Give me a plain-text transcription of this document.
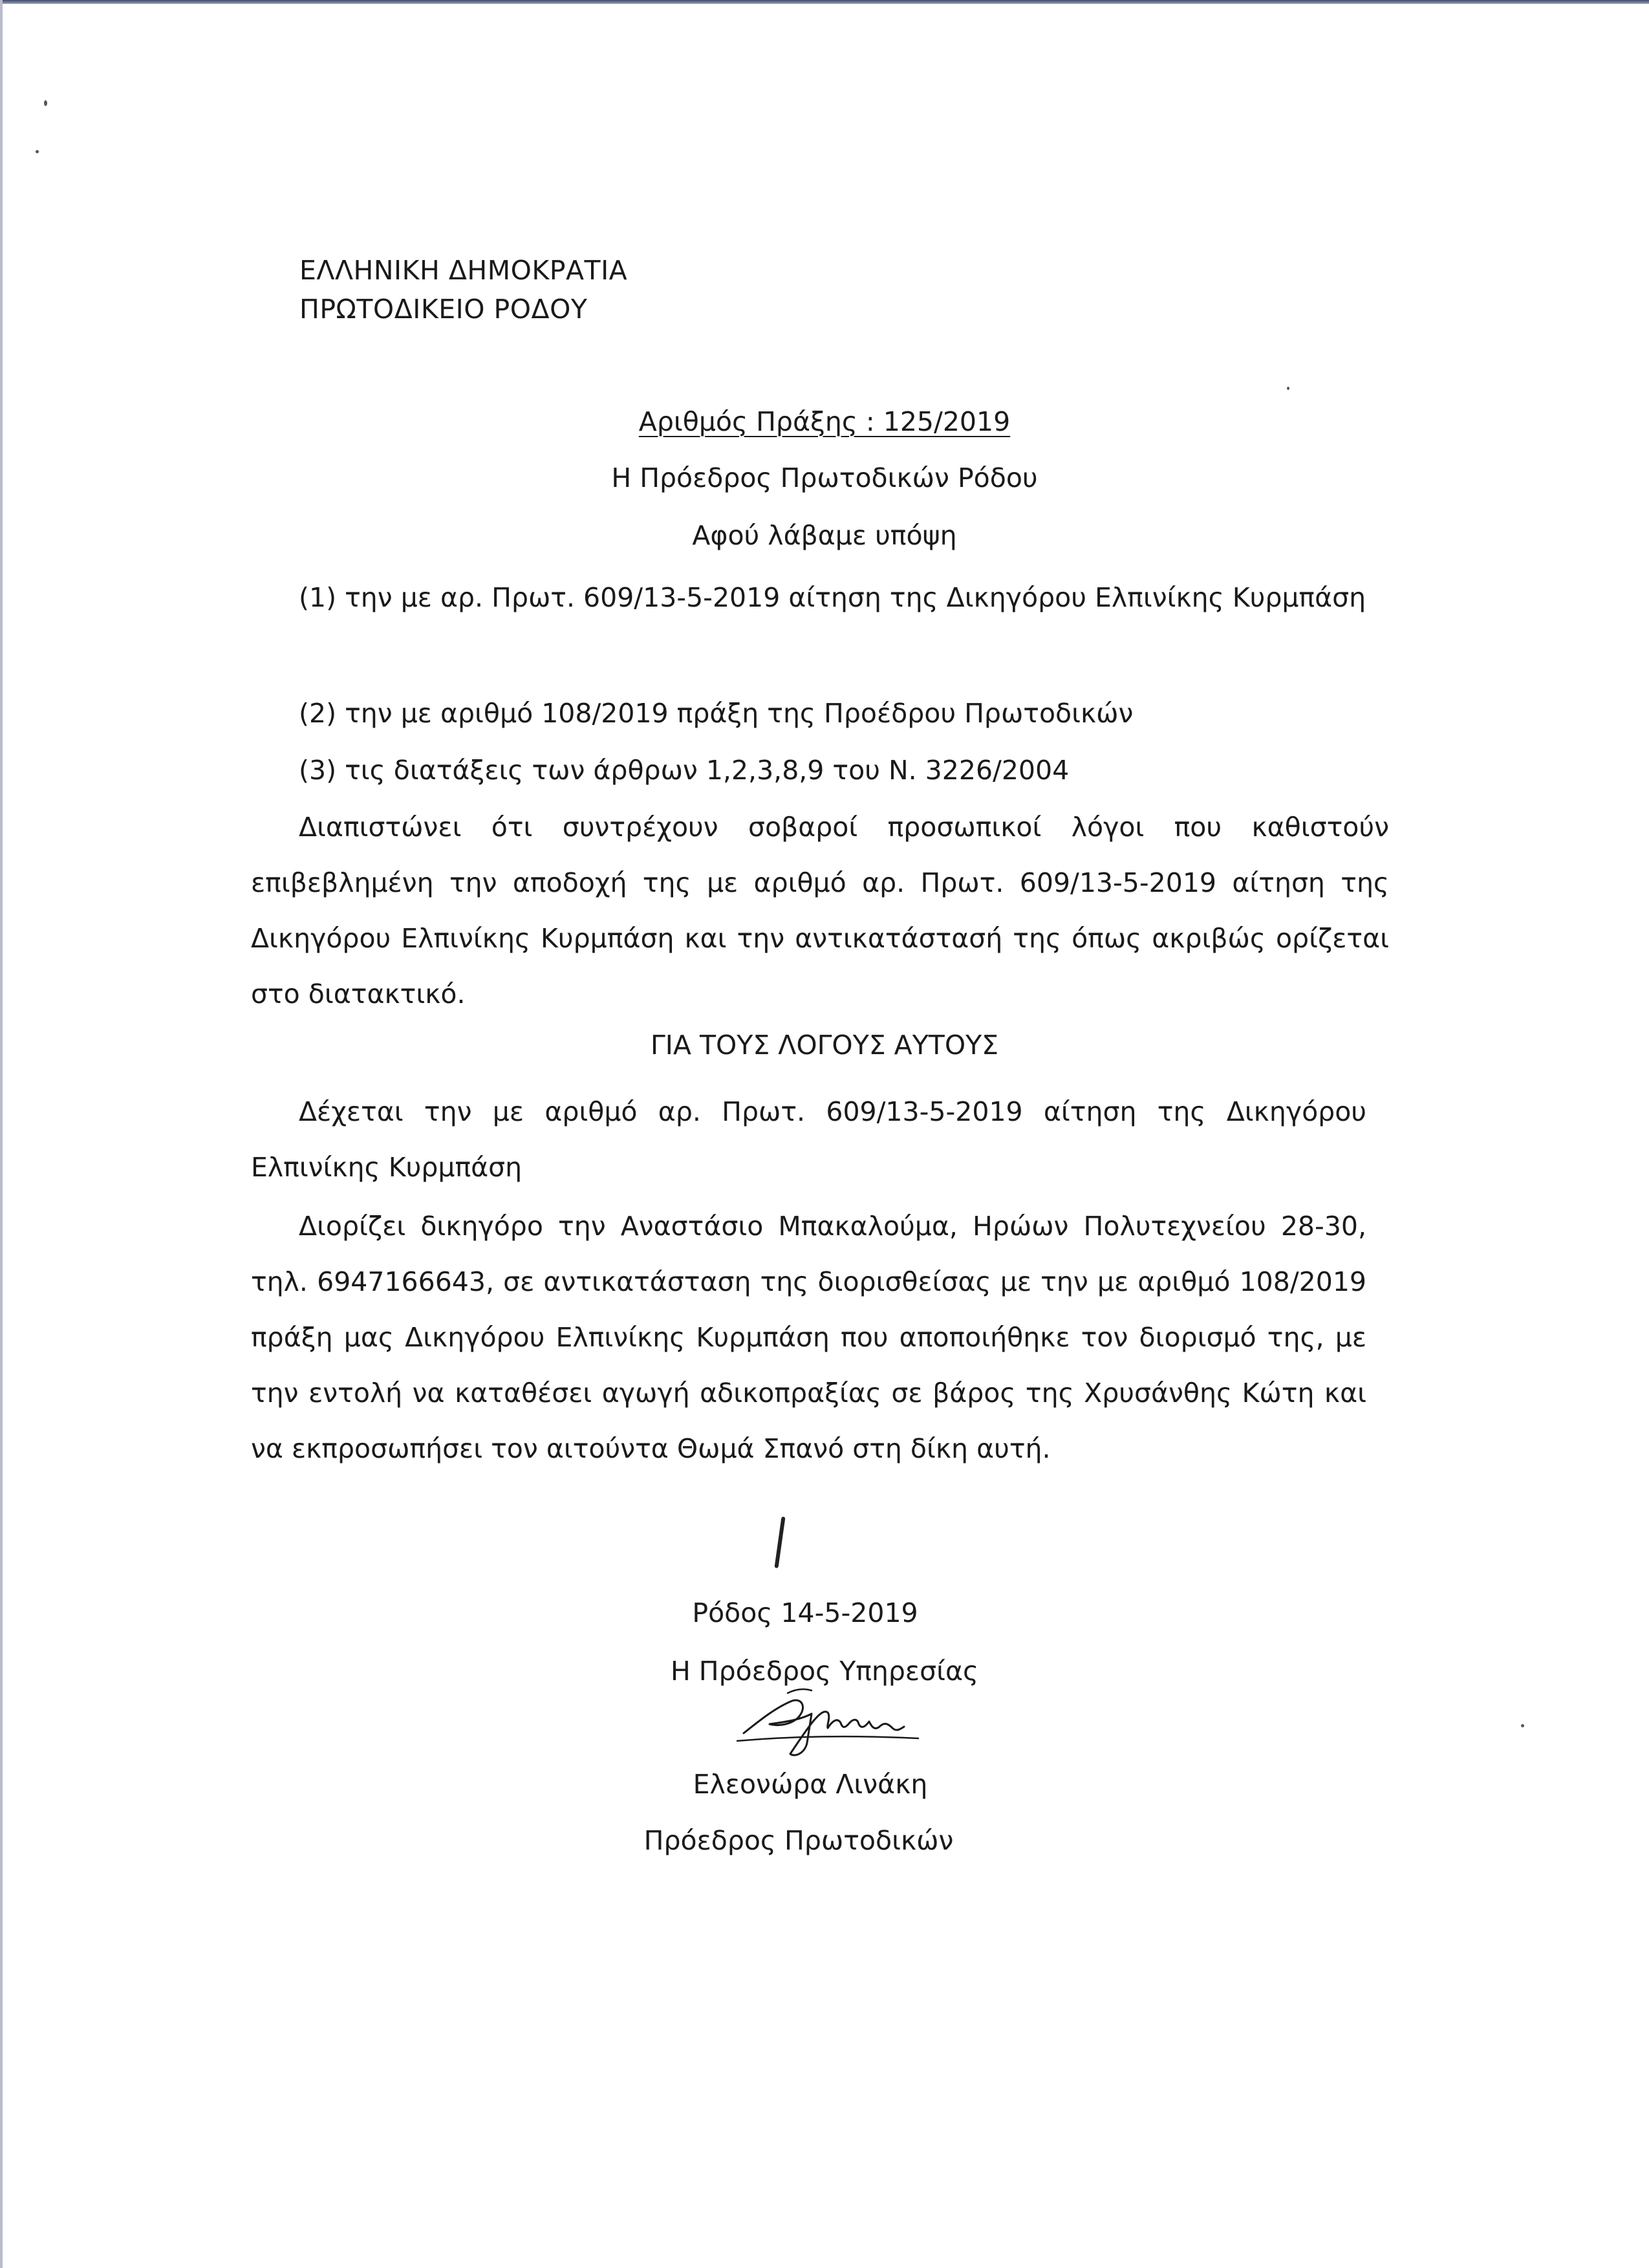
ΕΛΛΗΝΙΚΗ ΔΗΜΟΚΡΑΤΙΑ
ΠΡΩΤΟΔΙΚΕΙΟ ΡΟΔΟΥ
Αριθμός Πράξης : 125/2019
Η Πρόεδρος Πρωτοδικών Ρόδου
Αφού λάβαμε υπόψη

(1) την με αρ. Πρωτ. 609/13-5-2019 αίτηση της Δικηγόρου Ελπινίκης Κυρμπάση

(2) την με αριθμό 108/2019 πράξη της Προέδρου Πρωτοδικών

(3) τις διατάξεις των άρθρων 1,2,3,8,9 του Ν. 3226/2004

Διαπιστώνει ότι συντρέχουν σοβαροί προσωπικοί λόγοι που καθιστούν επιβεβλημένη την αποδοχή της με αριθμό αρ. Πρωτ. 609/13-5-2019 αίτηση της Δικηγόρου Ελπινίκης Κυρμπάση και την αντικατάστασή της όπως ακριβώς ορίζεται στο διατακτικό.

ΓΙΑ ΤΟΥΣ ΛΟΓΟΥΣ ΑΥΤΟΥΣ

Δέχεται την με αριθμό αρ. Πρωτ. 609/13-5-2019 αίτηση της Δικηγόρου Ελπινίκης Κυρμπάση

Διορίζει δικηγόρο την Αναστάσιο Μπακαλούμα, Ηρώων Πολυτεχνείου 28-30, τηλ. 6947166643, σε αντικατάσταση της διορισθείσας με την με αριθμό 108/2019 πράξη μας Δικηγόρου Ελπινίκης Κυρμπάση που αποποιήθηκε τον διορισμό της, με την εντολή να καταθέσει αγωγή αδικοπραξίας σε βάρος της Χρυσάνθης Κώτη και να εκπροσωπήσει τον αιτούντα Θωμά Σπανό στη δίκη αυτή.

Ρόδος 14-5-2019
Η Πρόεδρος Υπηρεσίας
Ελεονώρα Λινάκη
Πρόεδρος Πρωτοδικών
